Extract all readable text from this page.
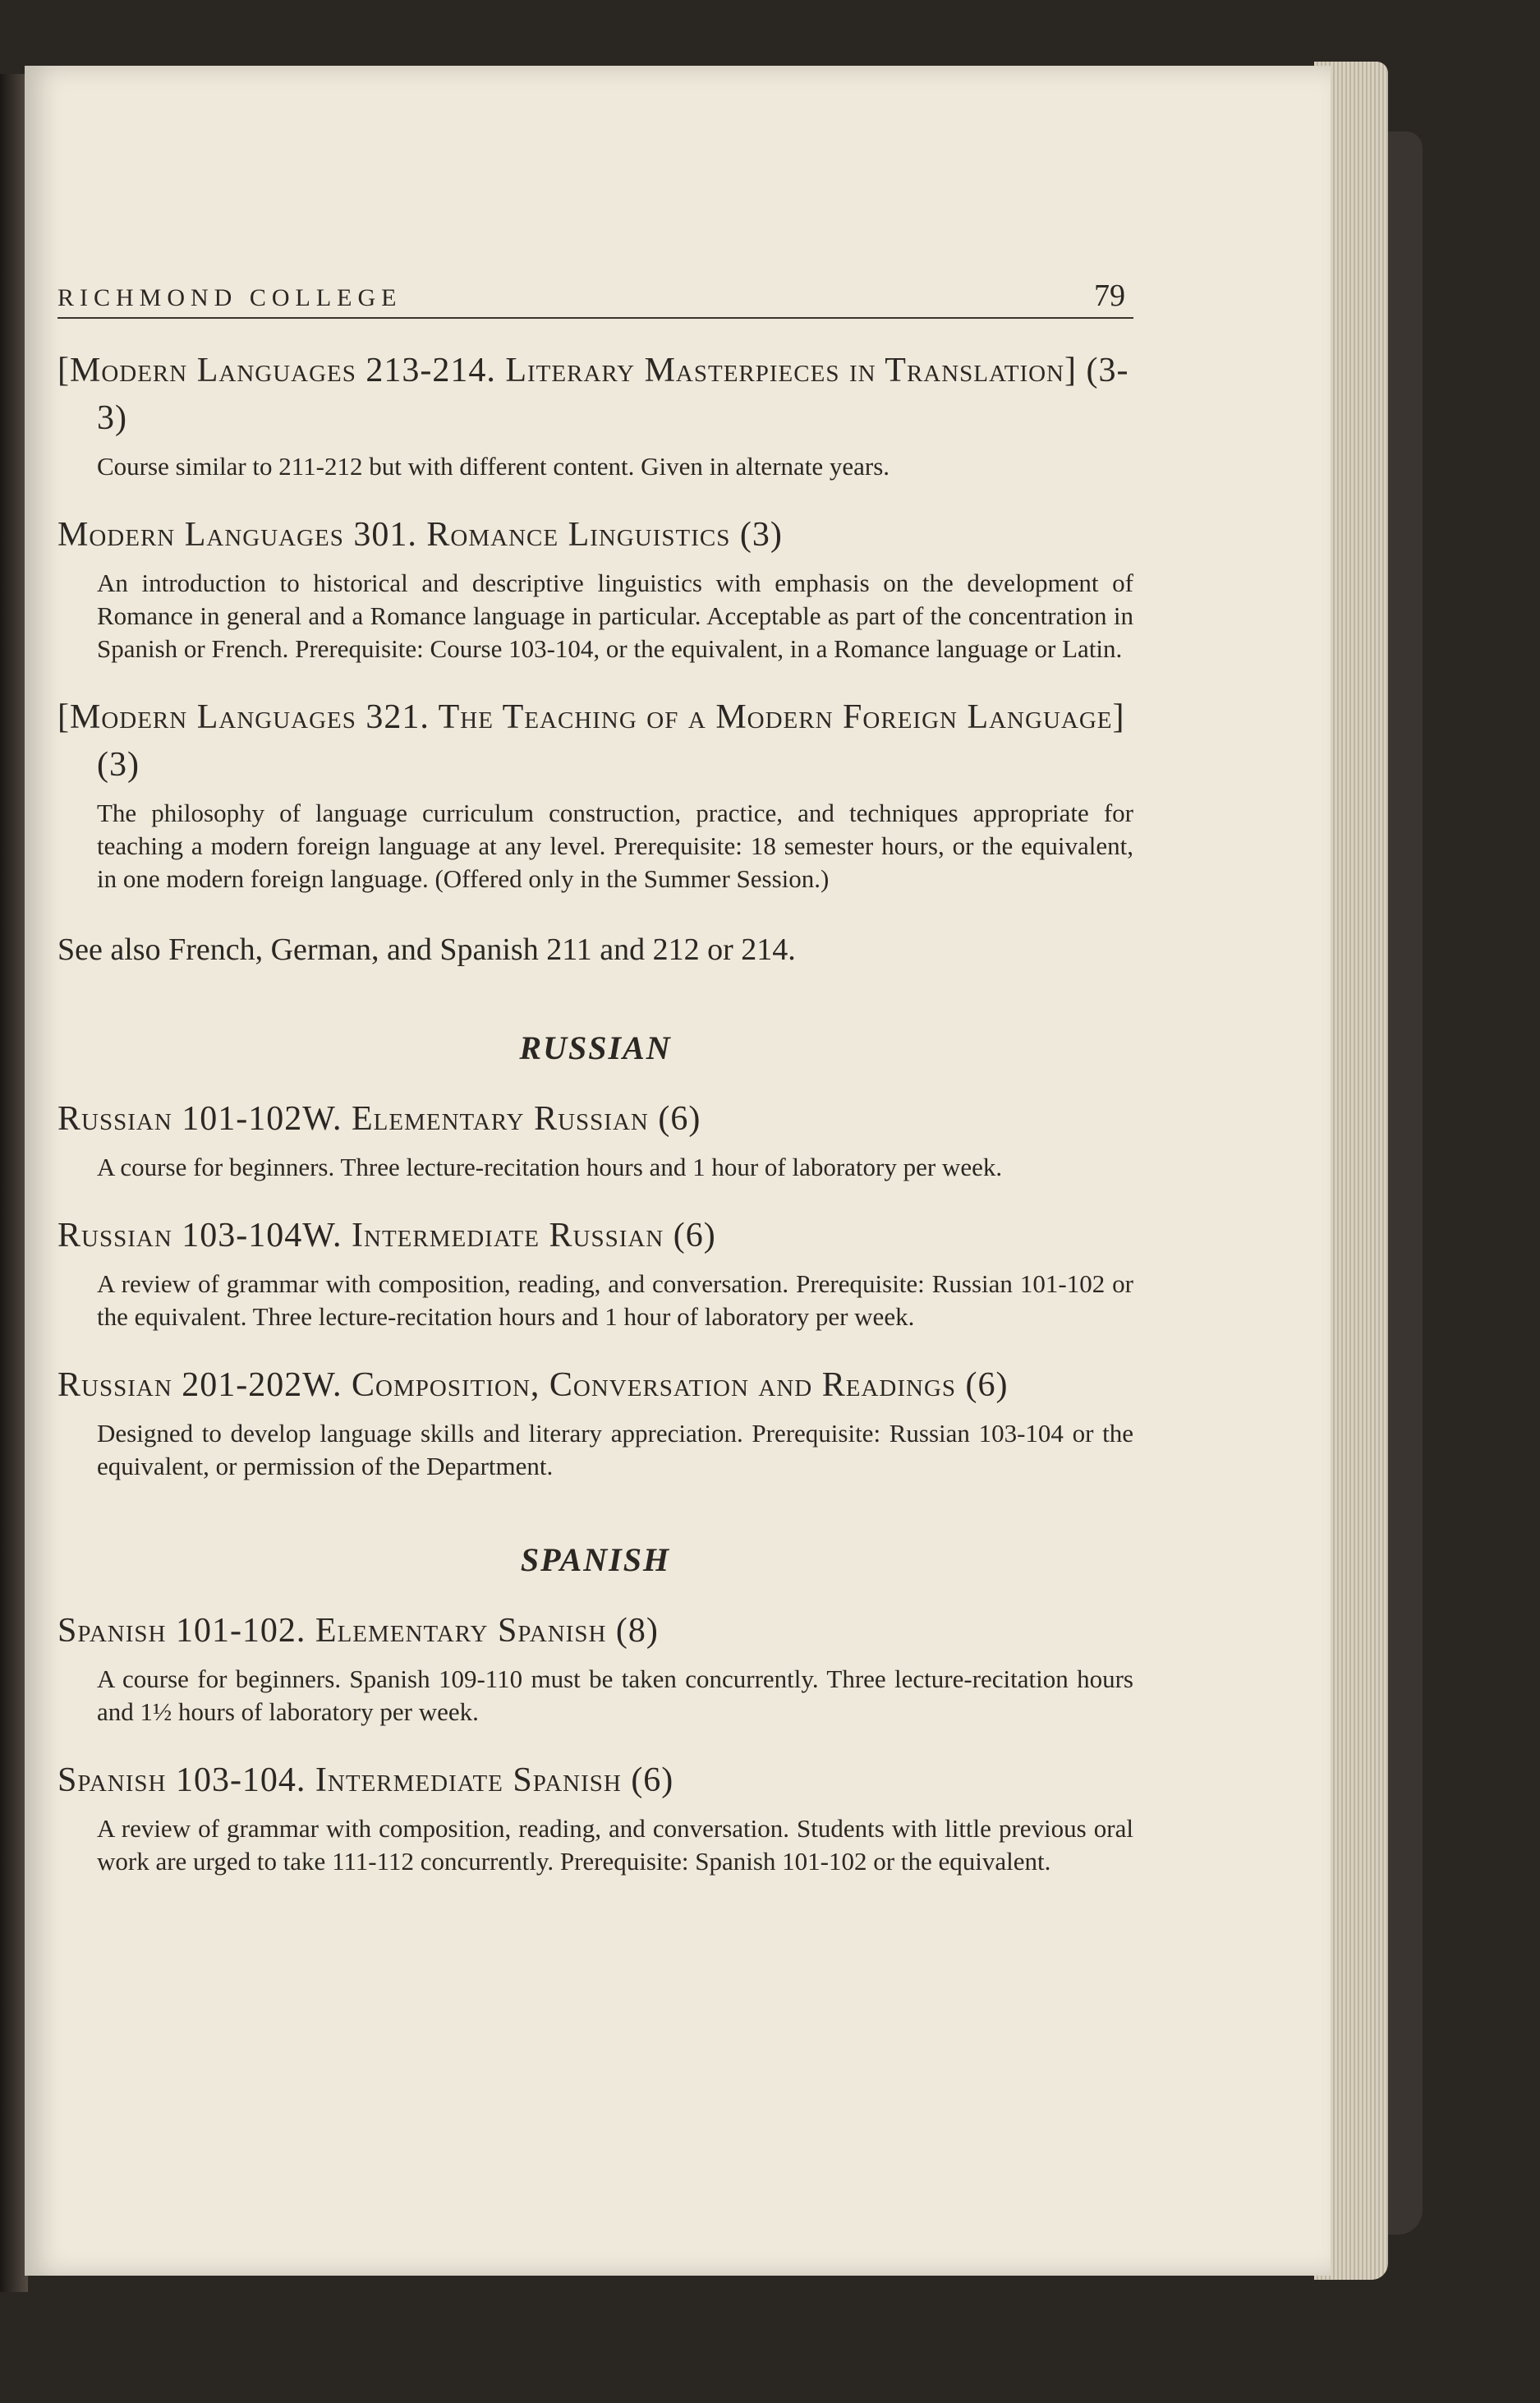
RICHMOND COLLEGE	79
[Modern Languages 213-214. Literary Masterpieces in Translation] (3-3)
Course similar to 211-212 but with different content. Given in alternate years.
Modern Languages 301. Romance Linguistics (3)
An introduction to historical and descriptive linguistics with emphasis on the development of Romance in general and a Romance language in particular. Acceptable as part of the concentration in Spanish or French. Prerequisite: Course 103-104, or the equivalent, in a Romance language or Latin.
[Modern Languages 321. The Teaching of a Modern Foreign Language] (3)
The philosophy of language curriculum construction, practice, and techniques appropriate for teaching a modern foreign language at any level. Prerequisite: 18 semester hours, or the equivalent, in one modern foreign language. (Offered only in the Summer Session.)
See also French, German, and Spanish 211 and 212 or 214.
RUSSIAN
Russian 101-102W. Elementary Russian (6)
A course for beginners. Three lecture-recitation hours and 1 hour of laboratory per week.
Russian 103-104W. Intermediate Russian (6)
A review of grammar with composition, reading, and conversation. Prerequisite: Russian 101-102 or the equivalent. Three lecture-recitation hours and 1 hour of laboratory per week.
Russian 201-202W. Composition, Conversation and Readings (6)
Designed to develop language skills and literary appreciation. Prerequisite: Russian 103-104 or the equivalent, or permission of the Department.
SPANISH
Spanish 101-102. Elementary Spanish (8)
A course for beginners. Spanish 109-110 must be taken concurrently. Three lecture-recitation hours and 1½ hours of laboratory per week.
Spanish 103-104. Intermediate Spanish (6)
A review of grammar with composition, reading, and conversation. Students with little previous oral work are urged to take 111-112 concurrently. Prerequisite: Spanish 101-102 or the equivalent.
